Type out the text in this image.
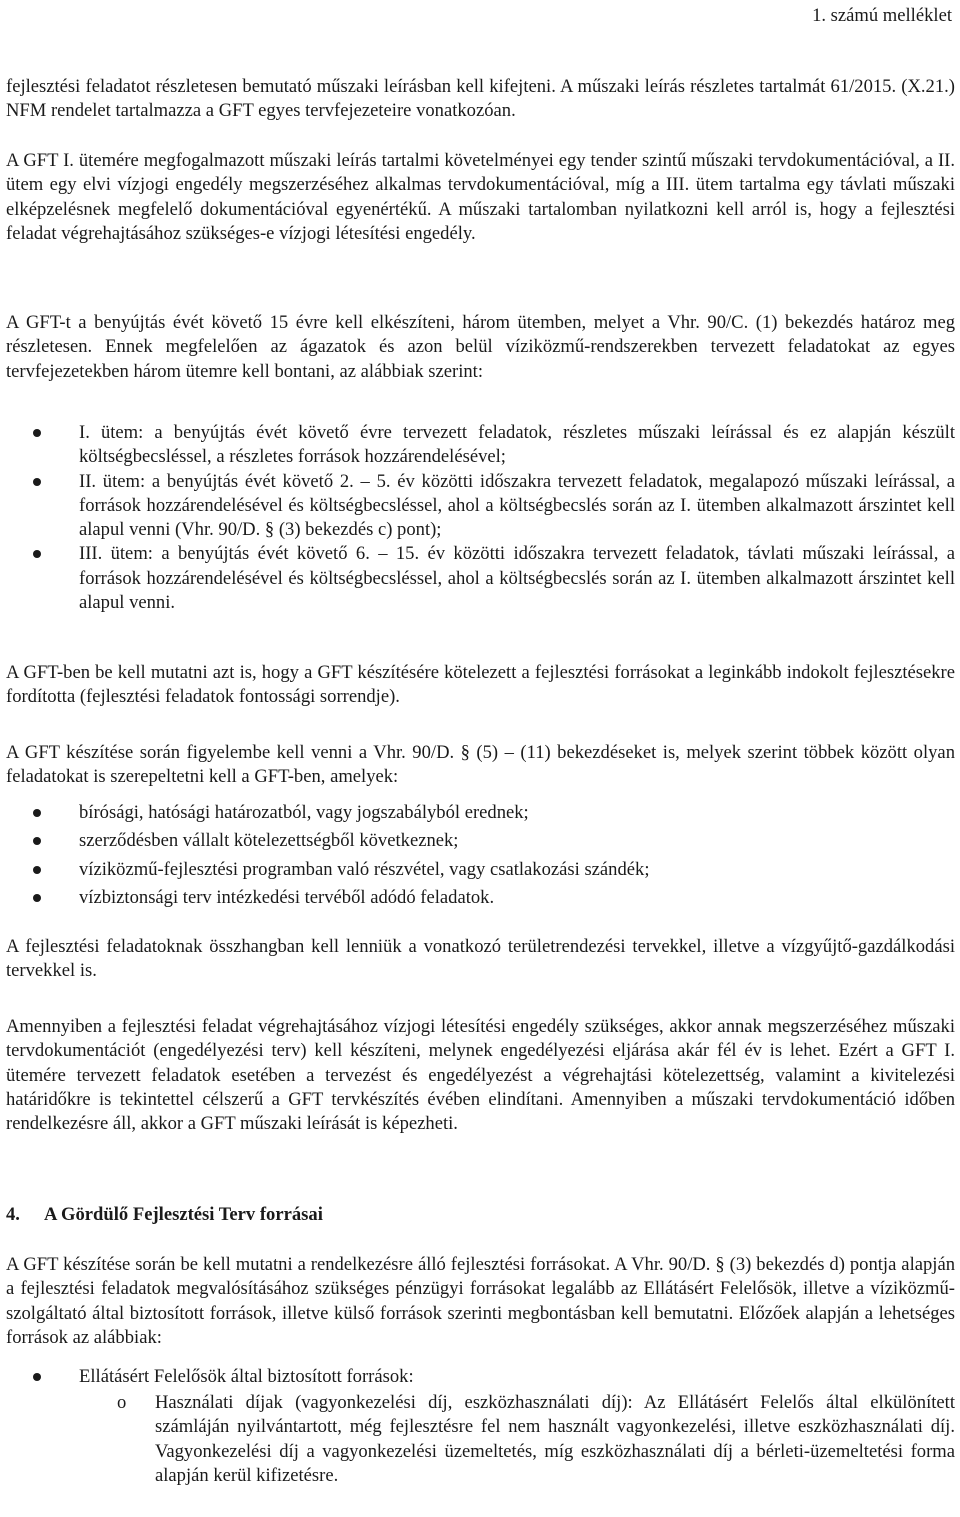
1. számú melléklet

fejlesztési feladatot részletesen bemutató műszaki leírásban kell kifejteni. A műszaki leírás részletes tartalmát 61/2015. (X.21.) NFM rendelet tartalmazza a GFT egyes tervfejezeteire vonatkozóan.

A GFT I. ütemére megfogalmazott műszaki leírás tartalmi követelményei egy tender szintű műszaki tervdokumentációval, a II. ütem egy elvi vízjogi engedély megszerzéséhez alkalmas tervdokumentációval, míg a III. ütem tartalma egy távlati műszaki elképzelésnek megfelelő dokumentációval egyenértékű. A műszaki tartalomban nyilatkozni kell arról is, hogy a fejlesztési feladat végrehajtásához szükséges-e vízjogi létesítési engedély.

A GFT-t a benyújtás évét követő 15 évre kell elkészíteni, három ütemben, melyet a Vhr. 90/C. (1) bekezdés határoz meg részletesen. Ennek megfelelően az ágazatok és azon belül víziközmű-rendszerekben tervezett feladatokat az egyes tervfejezetekben három ütemre kell bontani, az alábbiak szerint:

I. ütem: a benyújtás évét követő évre tervezett feladatok, részletes műszaki leírással és ez alapján készült költségbecsléssel, a részletes források hozzárendelésével;
II. ütem: a benyújtás évét követő 2. – 5. év közötti időszakra tervezett feladatok, megalapozó műszaki leírással, a források hozzárendelésével és költségbecsléssel, ahol a költségbecslés során az I. ütemben alkalmazott árszintet kell alapul venni (Vhr. 90/D. § (3) bekezdés c) pont);
III. ütem: a benyújtás évét követő 6. – 15. év közötti időszakra tervezett feladatok, távlati műszaki leírással, a források hozzárendelésével és költségbecsléssel, ahol a költségbecslés során az I. ütemben alkalmazott árszintet kell alapul venni.

A GFT-ben be kell mutatni azt is, hogy a GFT készítésére kötelezett a fejlesztési forrásokat a leginkább indokolt fejlesztésekre fordította (fejlesztési feladatok fontossági sorrendje).

A GFT készítése során figyelembe kell venni a Vhr. 90/D. § (5) – (11) bekezdéseket is, melyek szerint többek között olyan feladatokat is szerepeltetni kell a GFT-ben, amelyek:

bírósági, hatósági határozatból, vagy jogszabályból erednek;
szerződésben vállalt kötelezettségből következnek;
víziközmű-fejlesztési programban való részvétel, vagy csatlakozási szándék;
vízbiztonsági terv intézkedési tervéből adódó feladatok.

A fejlesztési feladatoknak összhangban kell lenniük a vonatkozó területrendezési tervekkel, illetve a vízgyűjtő-gazdálkodási tervekkel is.

Amennyiben a fejlesztési feladat végrehajtásához vízjogi létesítési engedély szükséges, akkor annak megszerzéséhez műszaki tervdokumentációt (engedélyezési terv) kell készíteni, melynek engedélyezési eljárása akár fél év is lehet. Ezért a GFT I. ütemére tervezett feladatok esetében a tervezést és engedélyezést a végrehajtási kötelezettség, valamint a kivitelezési határidőkre is tekintettel célszerű a GFT tervkészítés évében elindítani. Amennyiben a műszaki tervdokumentáció időben rendelkezésre áll, akkor a GFT műszaki leírását is képezheti.

4. A Gördülő Fejlesztési Terv forrásai

A GFT készítése során be kell mutatni a rendelkezésre álló fejlesztési forrásokat. A Vhr. 90/D. § (3) bekezdés d) pontja alapján a fejlesztési feladatok megvalósításához szükséges pénzügyi forrásokat legalább az Ellátásért Felelősök, illetve a víziközmű-szolgáltató által biztosított források, illetve külső források szerinti megbontásban kell bemutatni. Előzőek alapján a lehetséges források az alábbiak:

Ellátásért Felelősök által biztosított források:
o Használati díjak (vagyonkezelési díj, eszközhasználati díj): Az Ellátásért Felelős által elkülönített számláján nyilvántartott, még fejlesztésre fel nem használt vagyonkezelési, illetve eszközhasználati díj. Vagyonkezelési díj a vagyonkezelési üzemeltetés, míg eszközhasználati díj a bérleti-üzemeltetési forma alapján kerül kifizetésre.
